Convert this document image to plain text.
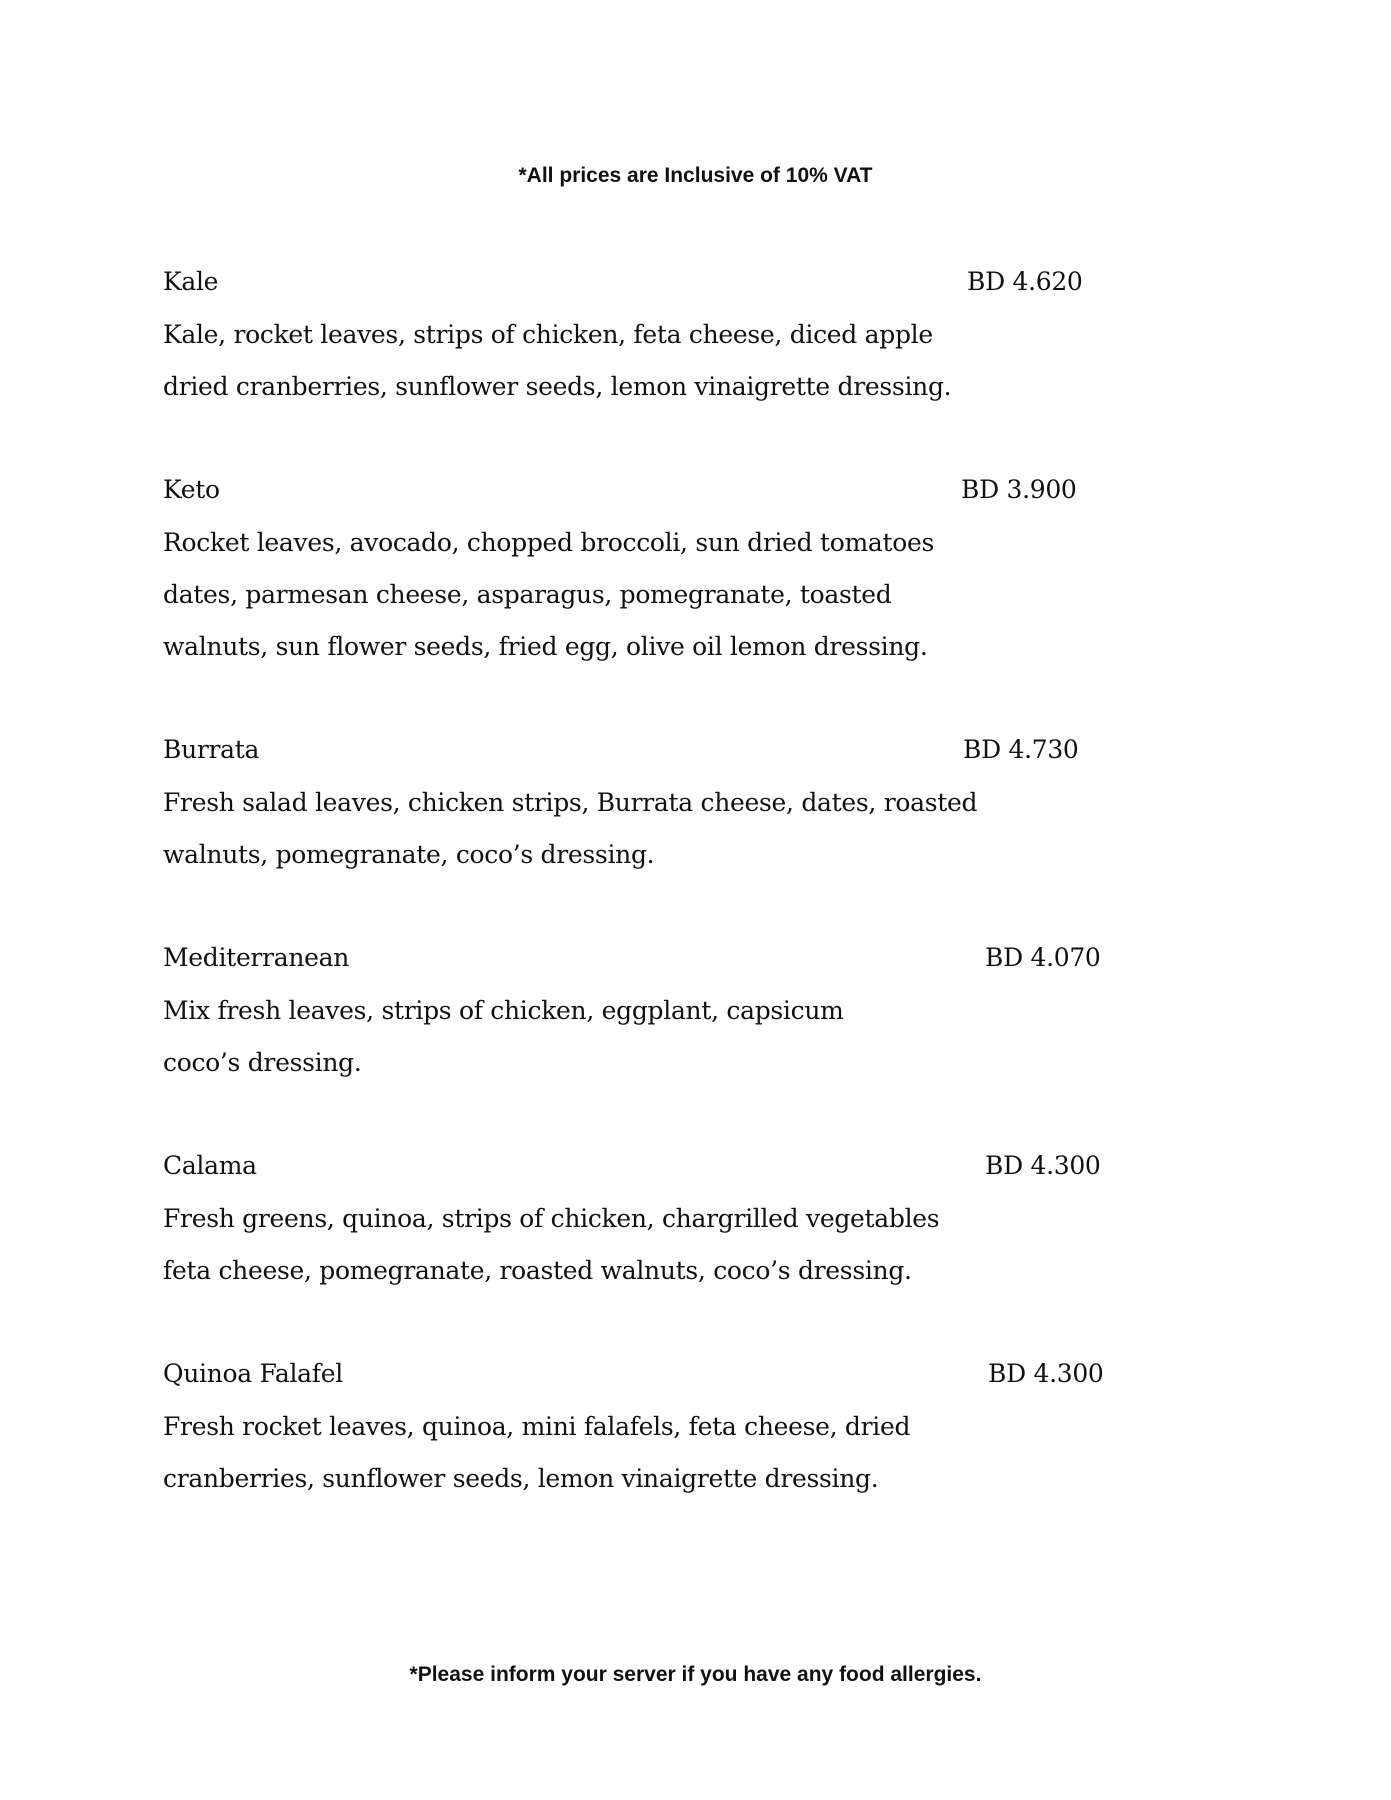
*All prices are Inclusive of 10% VAT

Kale	BD 4.620

Kale, rocket leaves, strips of chicken, feta cheese, diced apple
dried cranberries, sunflower seeds, lemon vinaigrette dressing.

Keto	BD 3.900

Rocket leaves, avocado, chopped broccoli, sun dried tomatoes
dates, parmesan cheese, asparagus, pomegranate, toasted
walnuts, sun flower seeds, fried egg, olive oil lemon dressing.

Burrata	BD 4.730

Fresh salad leaves, chicken strips, Burrata cheese, dates, roasted
walnuts, pomegranate, coco’s dressing.

Mediterranean	BD 4.070

Mix fresh leaves, strips of chicken, eggplant, capsicum
coco’s dressing.

Calama	BD 4.300

Fresh greens, quinoa, strips of chicken, chargrilled vegetables
feta cheese, pomegranate, roasted walnuts, coco’s dressing.

Quinoa Falafel	BD 4.300

Fresh rocket leaves, quinoa, mini falafels, feta cheese, dried
cranberries, sunflower seeds, lemon vinaigrette dressing.

*Please inform your server if you have any food allergies.
